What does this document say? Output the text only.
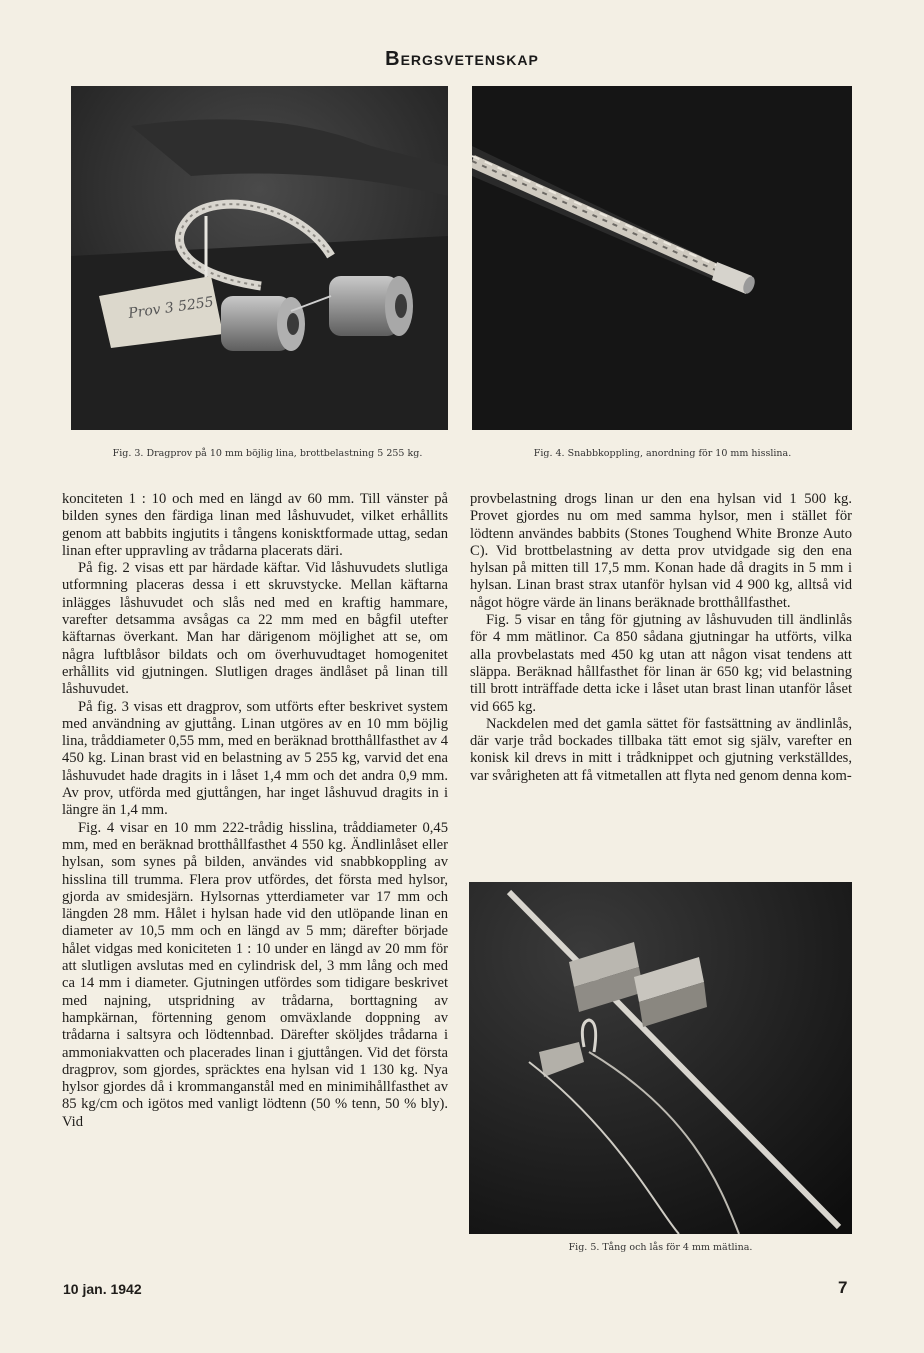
Bergsvetenskap
Prov 3 5255
Fig. 3. Dragprov på 10 mm böjlig lina, brottbelastning 5 255 kg.	Fig. 4. Snabbkoppling, anordning för 10 mm hisslina.
Fig. 5. Tång och lås för 4 mm mätlina.

konciteten 1 : 10 och med en längd av 60 mm. Till vänster på bilden synes den färdiga linan med låshuvudet, vilket erhållits genom att babbits ingjutits i tångens konisktformade uttag, sedan linan efter uppravling av trådarna placerats däri.

På fig. 2 visas ett par härdade käftar. Vid låshuvudets slutliga utformning placeras dessa i ett skruvstycke. Mellan käftarna inlägges låshuvudet och slås ned med en kraftig hammare, varefter detsamma avsågas ca 22 mm med en bågfil utefter käftarnas överkant. Man har därigenom möjlighet att se, om några luftblåsor bildats och om överhuvudtaget homogenitet erhållits vid gjutningen. Slutligen drages ändlåset på linan till låshuvudet.

På fig. 3 visas ett dragprov, som utförts efter beskrivet system med användning av gjuttång. Linan utgöres av en 10 mm böjlig lina, tråddiameter 0,55 mm, med en beräknad brotthållfasthet av 4 450 kg. Linan brast vid en belastning av 5 255 kg, varvid det ena låshuvudet hade dragits in i låset 1,4 mm och det andra 0,9 mm. Av prov, utförda med gjuttången, har inget låshuvud dragits in i längre än 1,4 mm.

Fig. 4 visar en 10 mm 222-trådig hisslina, tråddiameter 0,45 mm, med en beräknad brotthållfasthet 4 550 kg. Ändlinlåset eller hylsan, som synes på bilden, användes vid snabbkoppling av hisslina till trumma. Flera prov utfördes, det första med hylsor, gjorda av smidesjärn. Hylsornas ytterdiameter var 17 mm och längden 28 mm. Hålet i hylsan hade vid den utlöpande linan en diameter av 10,5 mm och en längd av 5 mm; därefter började hålet vidgas med koniciteten 1 : 10 under en längd av 20 mm för att slutligen avslutas med en cylindrisk del, 3 mm lång och med ca 14 mm i diameter. Gjutningen utfördes som tidigare beskrivet med najning, utspridning av trådarna, borttagning av hampkärnan, förtenning genom omväxlande doppning av trådarna i saltsyra och lödtennbad. Därefter sköljdes trådarna i ammoniakvatten och placerades linan i gjuttången. Vid det första dragprov, som gjordes, spräcktes ena hylsan vid 1 130 kg. Nya hylsor gjordes då i krommanganstål med en minimihållfasthet av 85 kg/cm och igötos med vanligt lödtenn (50 % tenn, 50 % bly). Vid

provbelastning drogs linan ur den ena hylsan vid 1 500 kg. Provet gjordes nu om med samma hylsor, men i stället för lödtenn användes babbits (Stones Toughend White Bronze Auto C). Vid brottbelastning av detta prov utvidgade sig den ena hylsan på mitten till 17,5 mm. Konan hade då dragits in 5 mm i hylsan. Linan brast strax utanför hylsan vid 4 900 kg, alltså vid något högre värde än linans beräknade brotthållfasthet.

Fig. 5 visar en tång för gjutning av låshuvuden till ändlinlås för 4 mm mätlinor. Ca 850 sådana gjutningar ha utförts, vilka alla provbelastats med 450 kg utan att någon visat tendens att släppa. Beräknad hållfasthet för linan är 650 kg; vid belastning till brott inträffade detta icke i låset utan brast linan utanför låset vid 665 kg.

Nackdelen med det gamla sättet för fastsättning av ändlinlås, där varje tråd bockades tillbaka tätt emot sig själv, varefter en konisk kil drevs in mitt i trådknippet och gjutning verkställdes, var svårigheten att få vitmetallen att flyta ned genom denna kom-

10 jan. 1942	7
